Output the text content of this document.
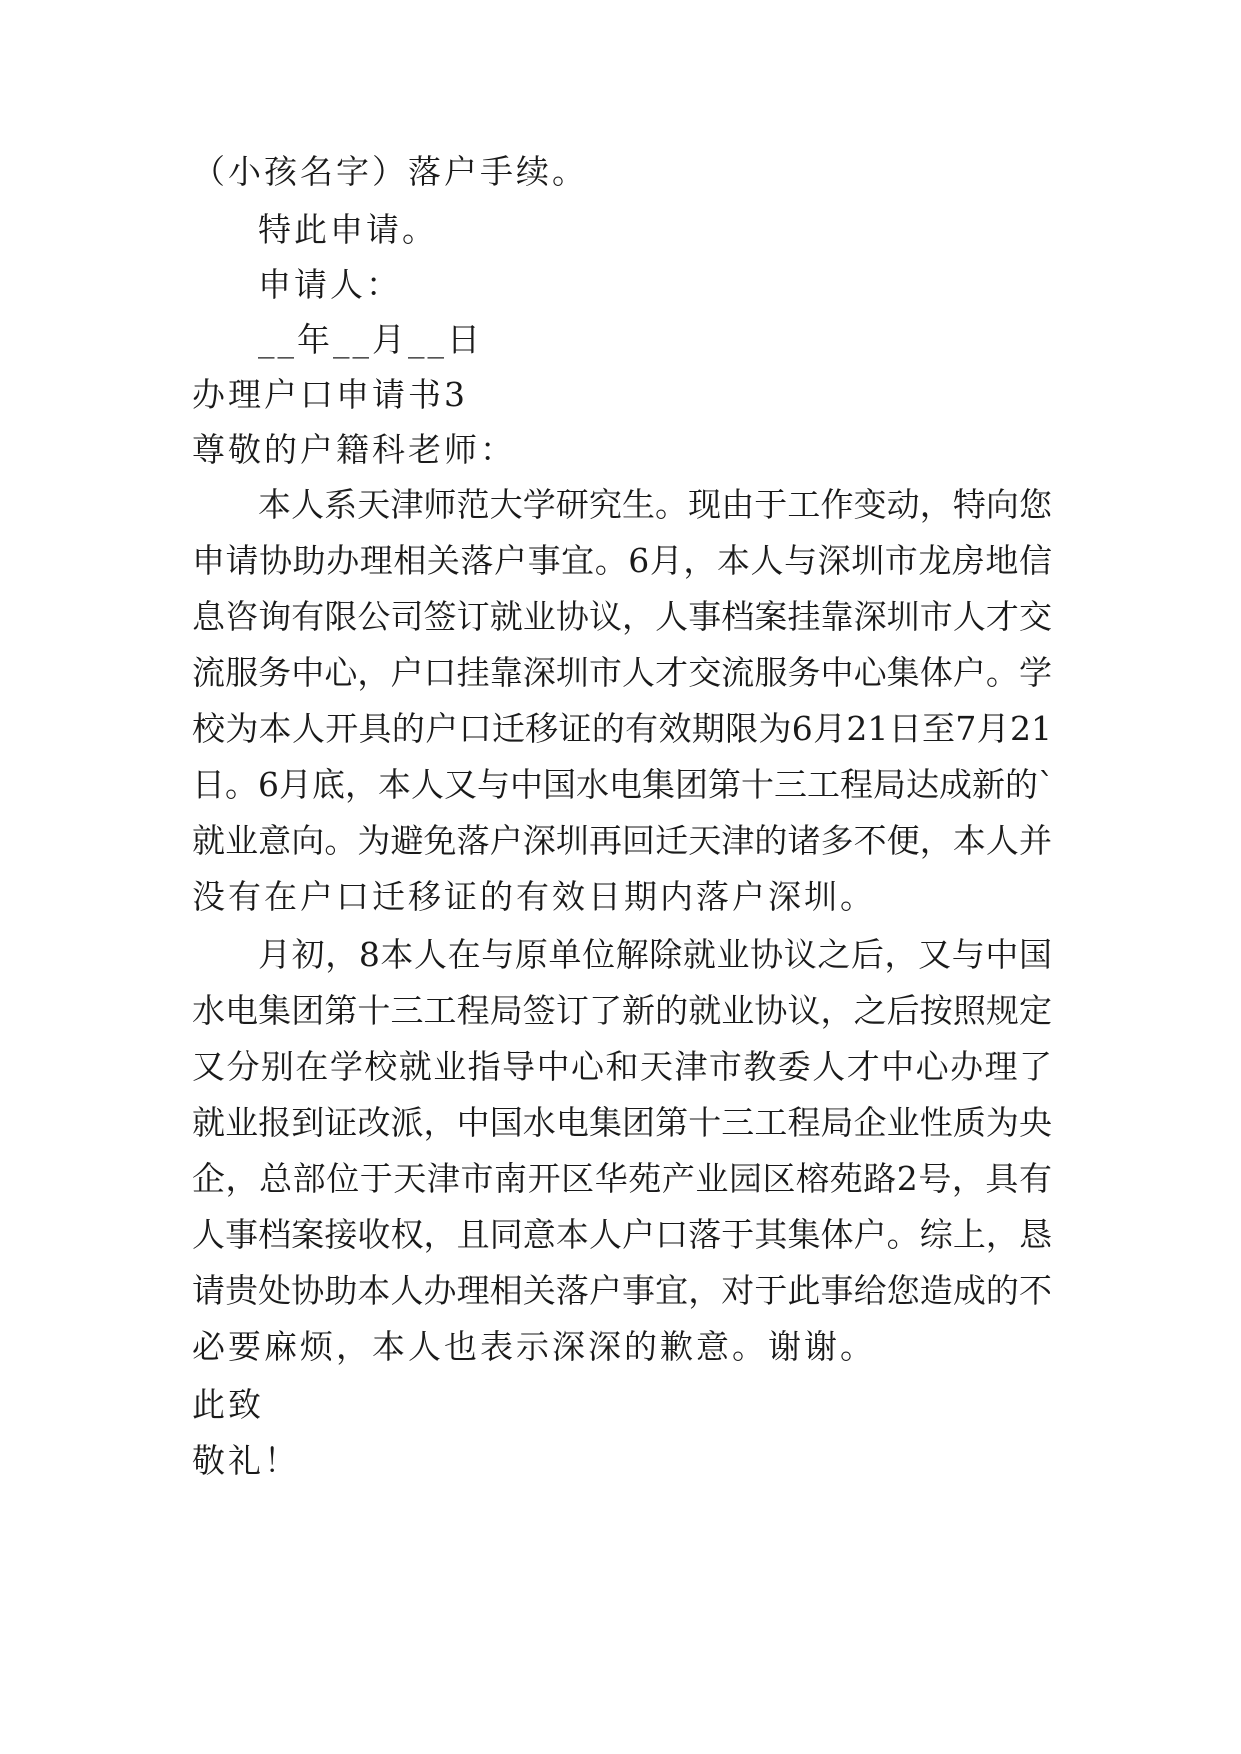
（小孩名字）落户手续。
特此申请。
申请人：
__年__月__日
办理户口申请书3
尊敬的户籍科老师：
本人系天津师范大学研究生。现由于工作变动，特向您
申请协助办理相关落户事宜。6月，本人与深圳市龙房地信
息咨询有限公司签订就业协议，人事档案挂靠深圳市人才交
流服务中心，户口挂靠深圳市人才交流服务中心集体户。学
校为本人开具的户口迁移证的有效期限为6月21日至7月21
日。6月底，本人又与中国水电集团第十三工程局达成新的`
就业意向。为避免落户深圳再回迁天津的诸多不便，本人并
没有在户口迁移证的有效日期内落户深圳。
月初，8本人在与原单位解除就业协议之后，又与中国
水电集团第十三工程局签订了新的就业协议，之后按照规定
又分别在学校就业指导中心和天津市教委人才中心办理了
就业报到证改派，中国水电集团第十三工程局企业性质为央
企，总部位于天津市南开区华苑产业园区榕苑路2号，具有
人事档案接收权，且同意本人户口落于其集体户。综上，恳
请贵处协助本人办理相关落户事宜，对于此事给您造成的不
必要麻烦，本人也表示深深的歉意。谢谢。
此致
敬礼！
